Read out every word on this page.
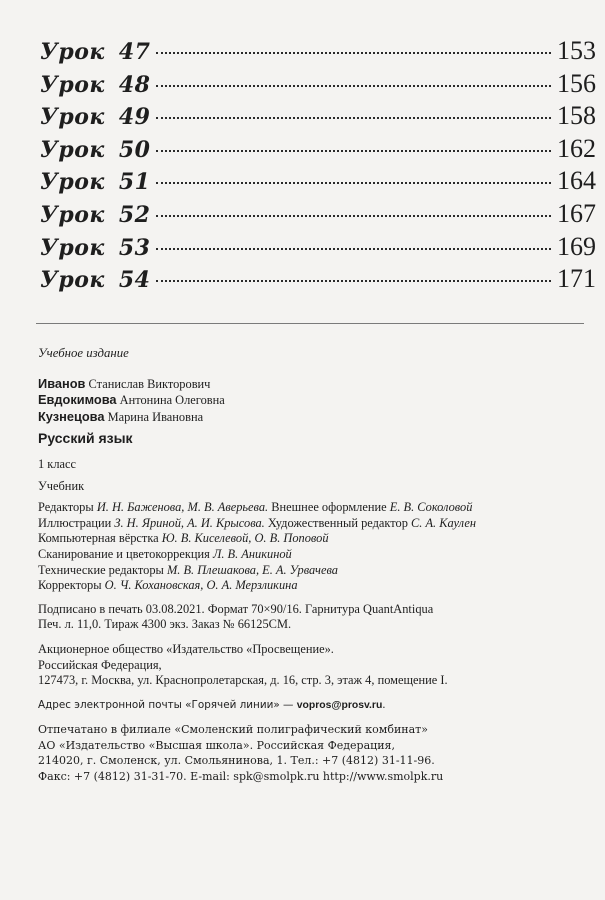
Урок 47	153
Урок 48	156
Урок 49	158
Урок 50	162
Урок 51	164
Урок 52	167
Урок 53	169
Урок 54	171

Учебное издание

Иванов Станислав Викторович

Евдокимова Антонина Олеговна

Кузнецова Марина Ивановна

Русский язык

1 класс

Учебник

Редакторы И. Н. Баженова, М. В. Аверьева. Внешнее оформление Е. В. Соколовой

Иллюстрации З. Н. Яриной, А. И. Крысова. Художественный редактор С. А. Каулен

Компьютерная вёрстка Ю. В. Киселевой, О. В. Поповой

Сканирование и цветокоррекция Л. В. Аникиной

Технические редакторы М. В. Плешакова, Е. А. Урвачева

Корректоры О. Ч. Кохановская, О. А. Мерзликина

Подписано в печать 03.08.2021. Формат 70×90/16. Гарнитура QuantAntiqua

Печ. л. 11,0. Тираж 4300 экз. Заказ № 66125СМ.

Акционерное общество «Издательство «Просвещение».

Российская Федерация,

127473, г. Москва, ул. Краснопролетарская, д. 16, стр. 3, этаж 4, помещение I.

Адрес электронной почты «Горячей линии» — vopros@prosv.ru.

Отпечатано в филиале «Смоленский полиграфический комбинат»

АО «Издательство «Высшая школа». Российская Федерация,

214020, г. Смоленск, ул. Смольянинова, 1. Тел.: +7 (4812) 31-11-96.

Факс: +7 (4812) 31-31-70. E-mail: spk@smolpk.ru http://www.smolpk.ru
